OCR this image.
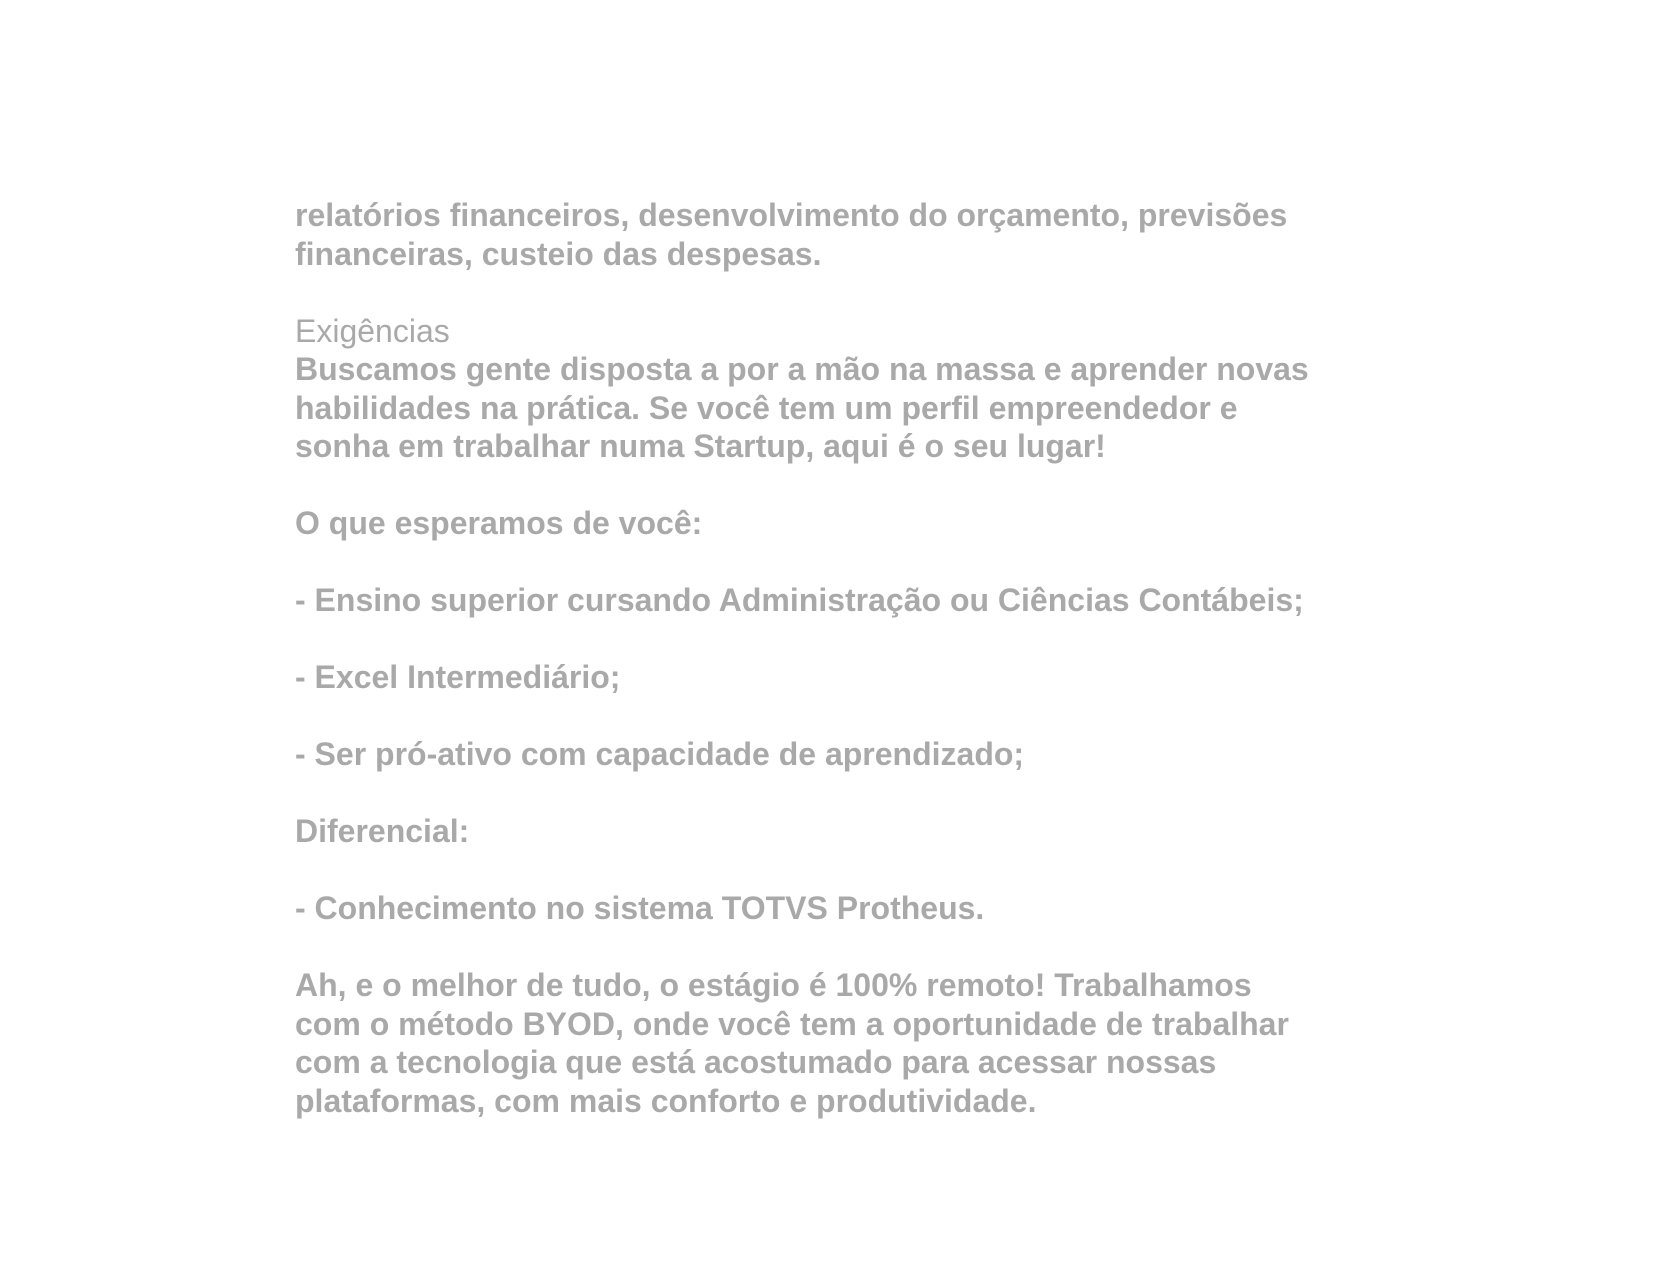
relatórios financeiros, desenvolvimento do orçamento, previsões
financeiras, custeio das despesas.
Exigências
Buscamos gente disposta a por a mão na massa e aprender novas
habilidades na prática. Se você tem um perfil empreendedor e
sonha em trabalhar numa Startup, aqui é o seu lugar!
O que esperamos de você:
- Ensino superior cursando Administração ou Ciências Contábeis;
- Excel Intermediário;
- Ser pró-ativo com capacidade de aprendizado;
Diferencial:
- Conhecimento no sistema TOTVS Protheus.
Ah, e o melhor de tudo, o estágio é 100% remoto! Trabalhamos
com o método BYOD, onde você tem a oportunidade de trabalhar
com a tecnologia que está acostumado para acessar nossas
plataformas, com mais conforto e produtividade.
